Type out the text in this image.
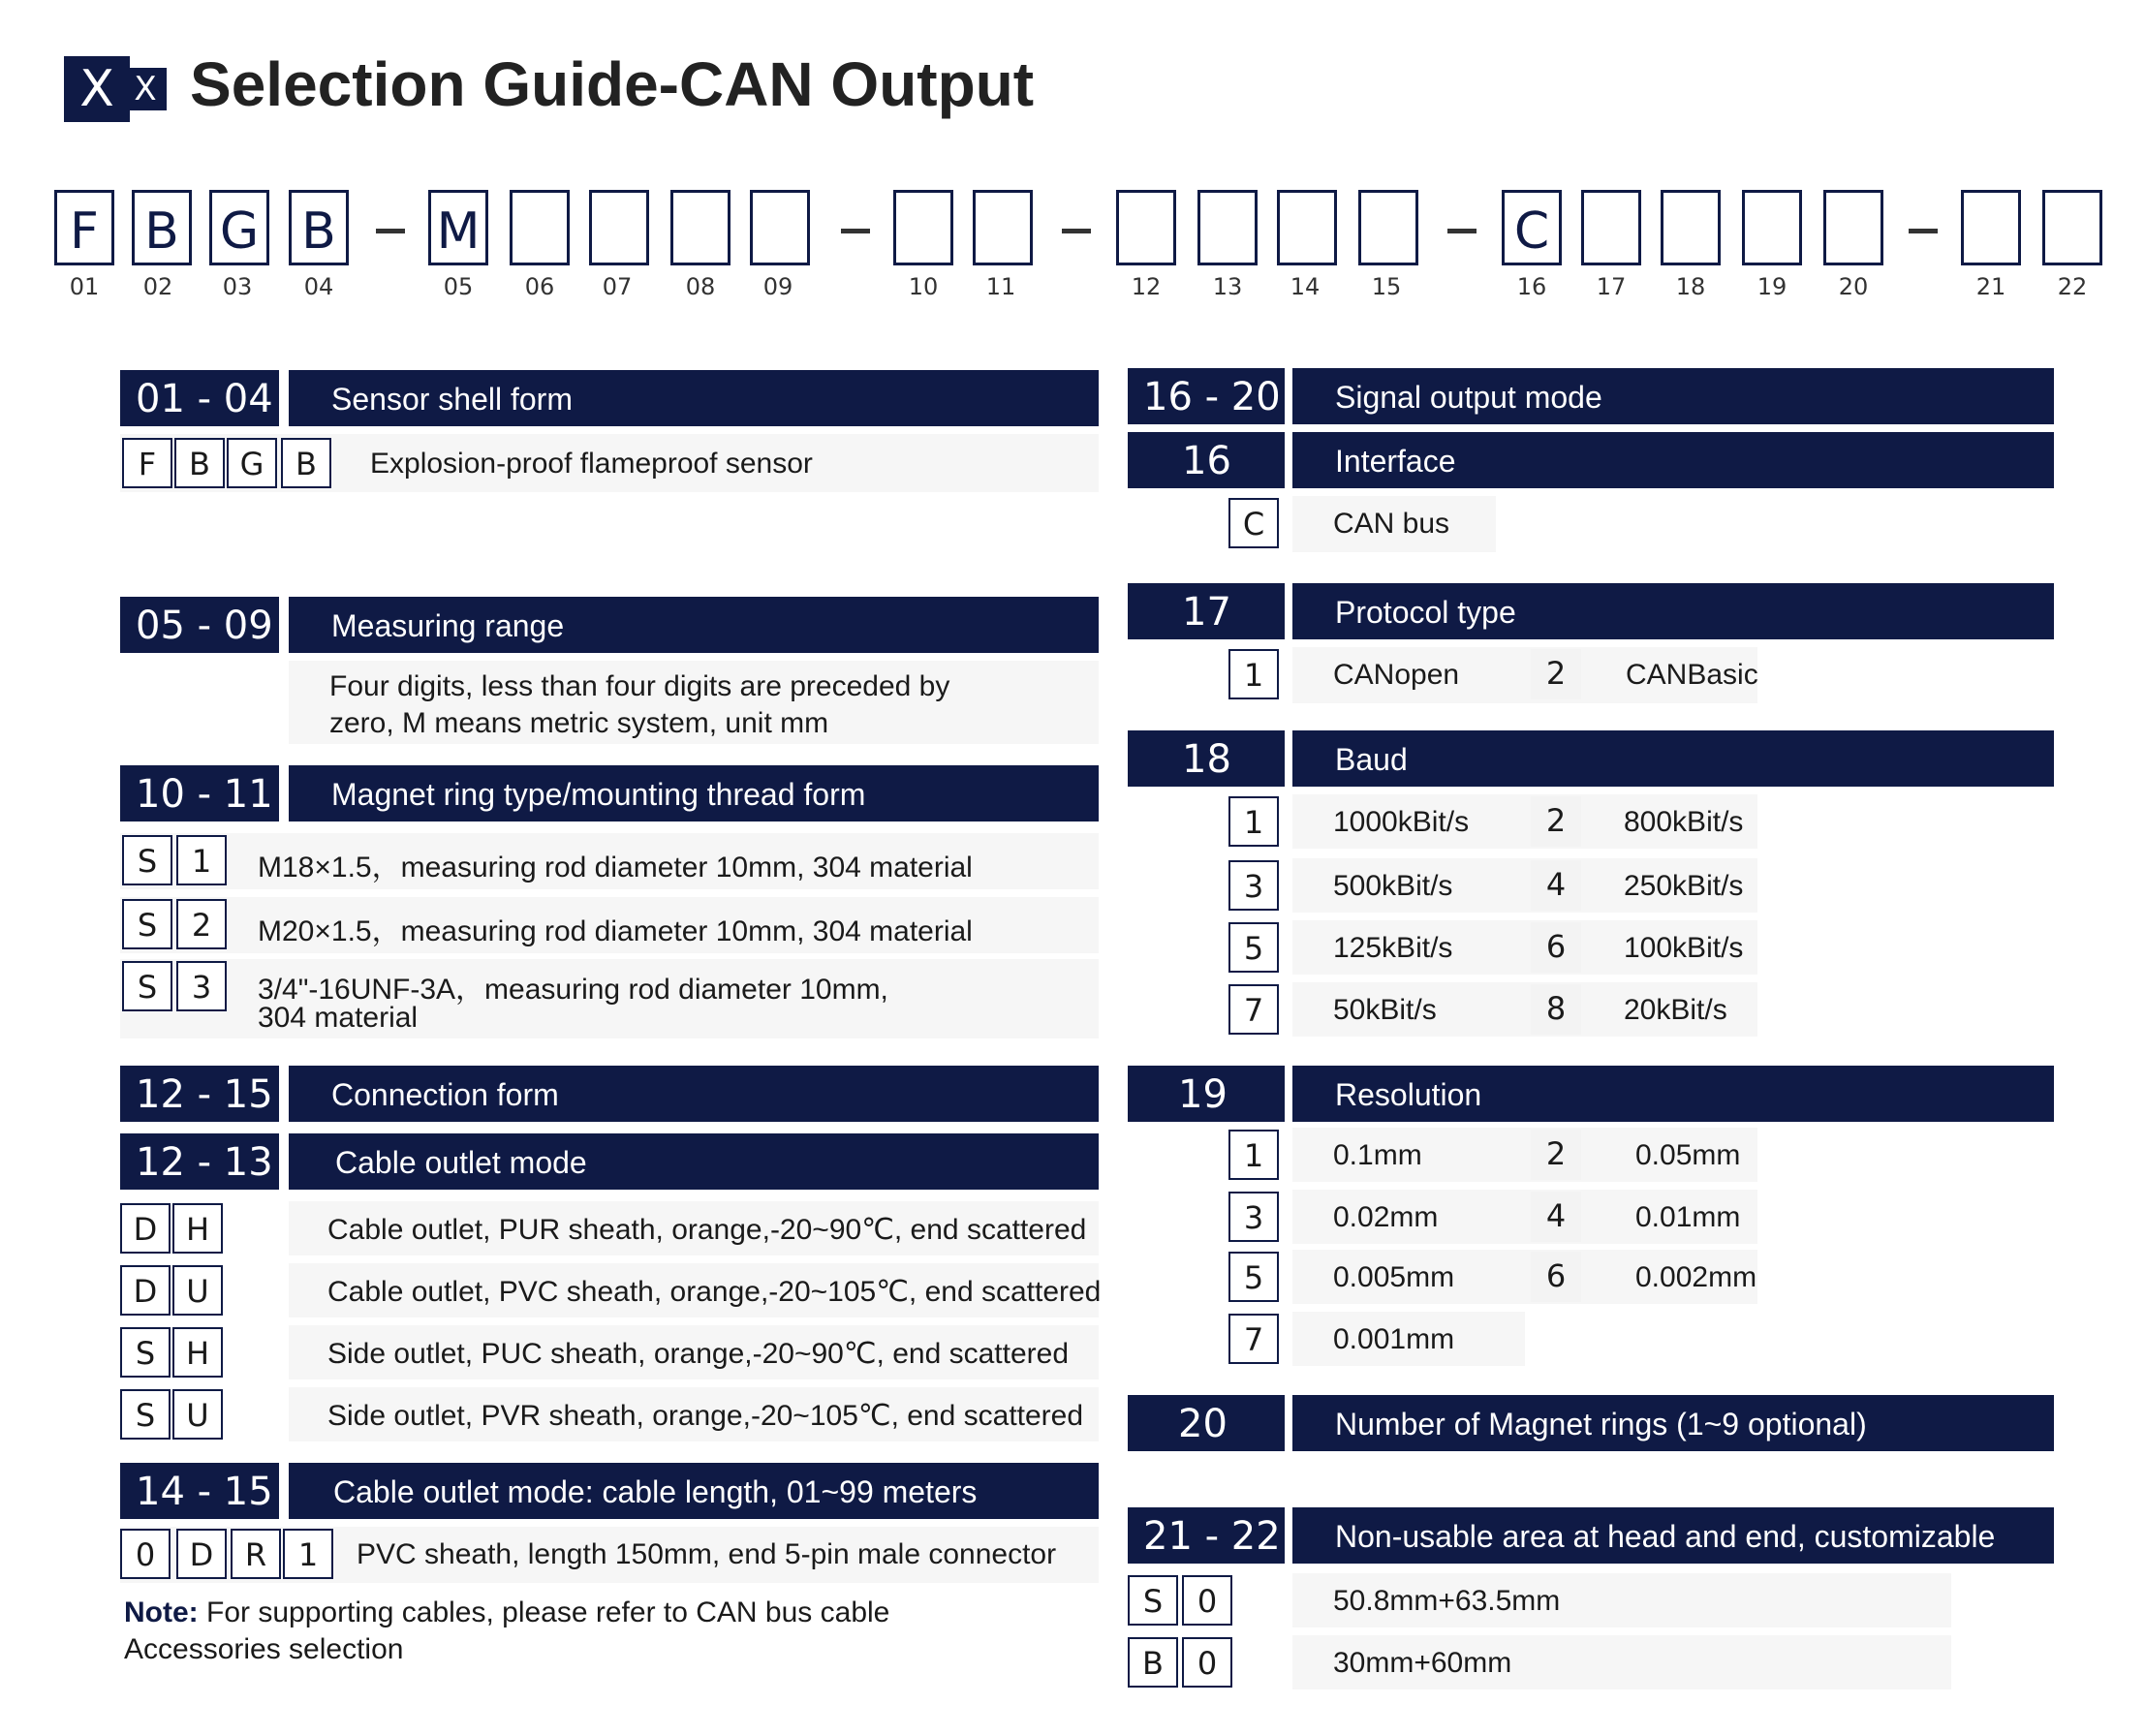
X X Selection Guide-CAN Output
F B G B M	C
01	02	03	04	05	06	07	08	09	10	11	12	13	14	15	16	17	18	19	20	21	22
01 - 04	Sensor shell form
F	B G	B	Explosion-proof flameproof sensor
05 - 09	Measuring range
Four digits, less than four digits are preceded by
zero, M means metric system, unit mm
10 - 11	Magnet ring type/mounting thread form
S	1	M18×1.5，measuring rod diameter 10mm, 304 material
S	2	M20×1.5，measuring rod diameter 10mm, 304 material
S	3	3/4"-16UNF-3A，measuring rod diameter 10mm,
304 material
12 - 15	Connection form
12 - 13	Cable outlet mode
D H	Cable outlet, PUR sheath, orange,-20~90℃, end scattered
D U	Cable outlet, PVC sheath, orange,-20~105℃, end scattered
S H	Side outlet, PUC sheath, orange,-20~90℃, end scattered
S	U	Side outlet, PVR sheath, orange,-20~105℃, end scattered
14 - 15	Cable outlet mode: cable length, 01~99 meters
0	D	R	1	PVC sheath, length 150mm, end 5-pin male connector
Note: For supporting cables, please refer to CAN bus cable
Accessories selection
16 - 20	Signal output mode
16	Interface
C	CAN bus
17	Protocol type
1	CANopen	2	CANBasic
18	Baud
1	1000kBit/s	2	800kBit/s
3	500kBit/s	4	250kBit/s
5	125kBit/s	6	100kBit/s
7	50kBit/s	8	20kBit/s
19	Resolution
1	0.1mm	2	0.05mm
3	0.02mm	4	0.01mm
5	0.005mm	6	0.002mm
7	0.001mm
20	Number of Magnet rings (1~9 optional)
21 - 22	Non-usable area at head and end, customizable
S	0	50.8mm+63.5mm
B	0	30mm+60mm
